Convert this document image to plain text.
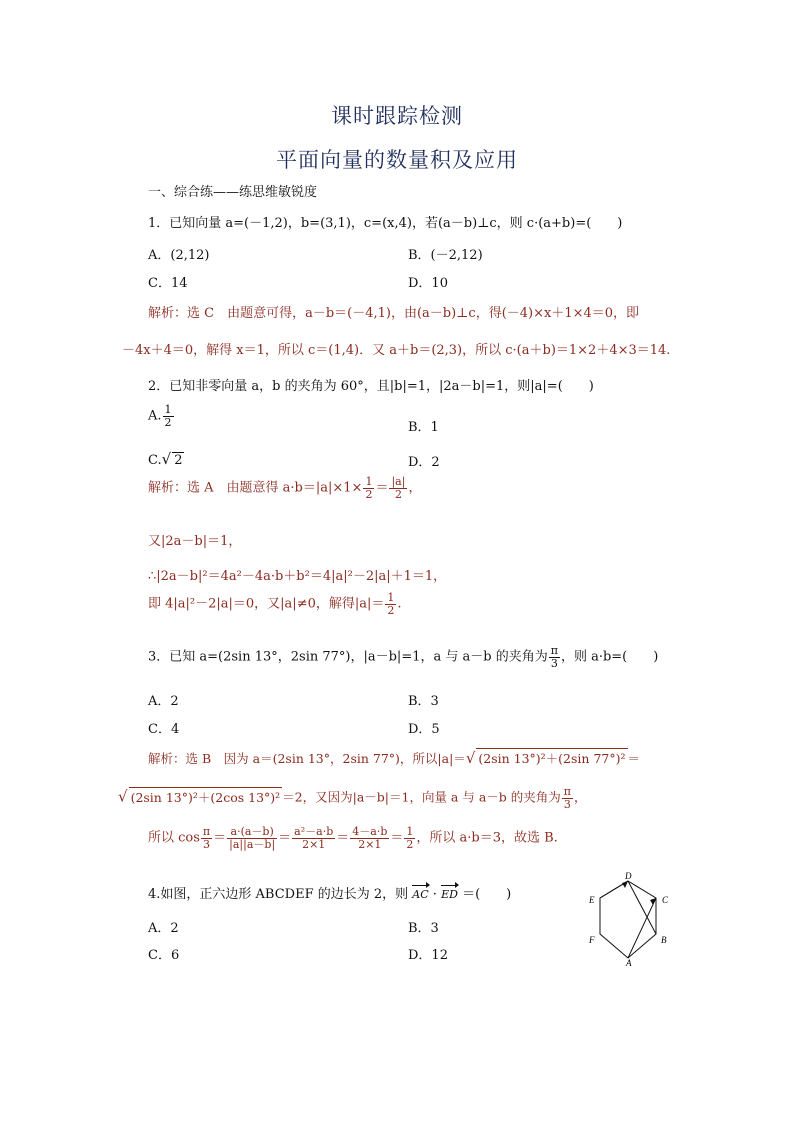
课时跟踪检测
平面向量的数量积及应用
一、综合练——练思维敏锐度
1．已知向量 a=(－1,2)，b=(3,1)，c=(x,4)，若(a－b)⊥c，则 c·(a+b)=(　　)
A．(2,12)	B．(－2,12)
C．14	D．10
解析：选 C　由题意可得，a－b＝(－4,1)，由(a－b)⊥c，得(－4)×x＋1×4＝0，即
－4x＋4＝0，解得 x＝1，所以 c＝(1,4)．又 a＋b＝(2,3)，所以 c·(a＋b)＝1×2＋4×3＝14.
2．已知非零向量 a，b 的夹角为 60°，且|b|=1，|2a－b|=1，则|a|=(　　)
A. $\frac{1}{2}$	B．1
C.√ 2	D．2
解析：选 A　由题意得 $a\cdot b=|a|\times 1\times \frac{1}{2} = \frac{|a|}{2}$ ，
又|2a－b|＝1，
∴|2a－b|²＝4a²－4a·b＋b²＝4|a|²－2|a|＋1＝1，
即 4|a|²－2|a|＝0，又|a|≠0，解得$|a|= \frac{1}{2}$ .
3．已知 a=(2sin 13°，2sin 77°)，|a－b|=1，a 与 a－b 的夹角为 $\frac{\pi}{3}$ ，则 a·b=(　　)
A．2	B．3
C．4	D．5
解析：选 B　因为 a＝(2sin 13°，2sin 77°)，所以|a|＝√ (2sin 13°)²＋(2sin 77°)² ＝
√ (2sin 13°)²＋(2cos 13°)² ＝2，又因为|a－b|＝1，向量 a 与 a－b 的夹角为 $\frac{\pi}{3}$ ，
所以 $\cos \frac{\pi}{3} = \frac{a\cdot(a-b)}{|a||a-b|} = \frac{\text{a²－a·b}}{2\times 1} = \frac{4-a\cdot b}{2\times 1} = \frac{1}{2}$ ，所以 a·b＝3，故选 B.
4.如图，正六边形 ABCDEF 的边长为 2，则 AC · ED ＝(　　)
A．2	B．3
C．6	D．12	A
B
C
D
E
F
